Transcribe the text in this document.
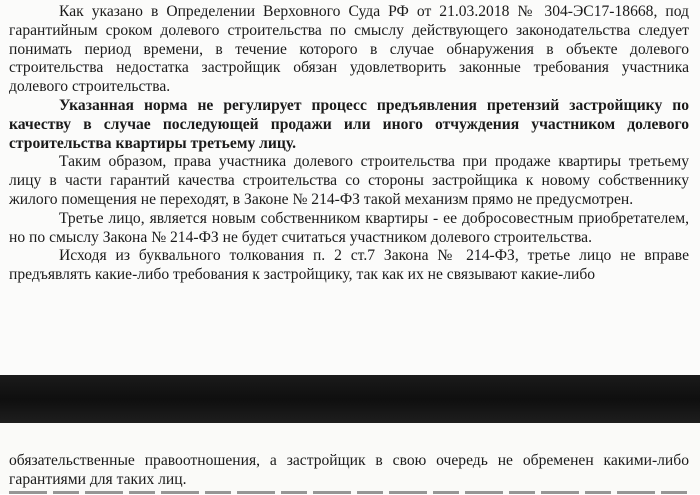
Как указано в Определении Верховного Суда РФ от 21.03.2018 № 304-ЭС17-18668, под гарантийным сроком долевого строительства по смыслу действующего законодательства следует понимать период времени, в течение которого в случае обнаружения в объекте долевого строительства недостатка застройщик обязан удовлетворить законные требования участника долевого строительства.

Указанная норма не регулирует процесс предъявления претензий застройщику по качеству в случае последующей продажи или иного отчуждения участником долевого строительства квартиры третьему лицу.

Таким образом, права участника долевого строительства при продаже квартиры третьему лицу в части гарантий качества строительства со стороны застройщика к новому собственнику жилого помещения не переходят, в Законе № 214-ФЗ такой механизм прямо не предусмотрен.

Третье лицо, является новым собственником квартиры - ее добросовестным приобретателем, но по смыслу Закона № 214-ФЗ не будет считаться участником долевого строительства.

Исходя из буквального толкования п. 2 ст.7 Закона № 214-ФЗ, третье лицо не вправе предъявлять какие-либо требования к застройщику, так как их не связывают какие-либо

обязательственные правоотношения, а застройщик в свою очередь не обременен какими-либо гарантиями для таких лиц.
